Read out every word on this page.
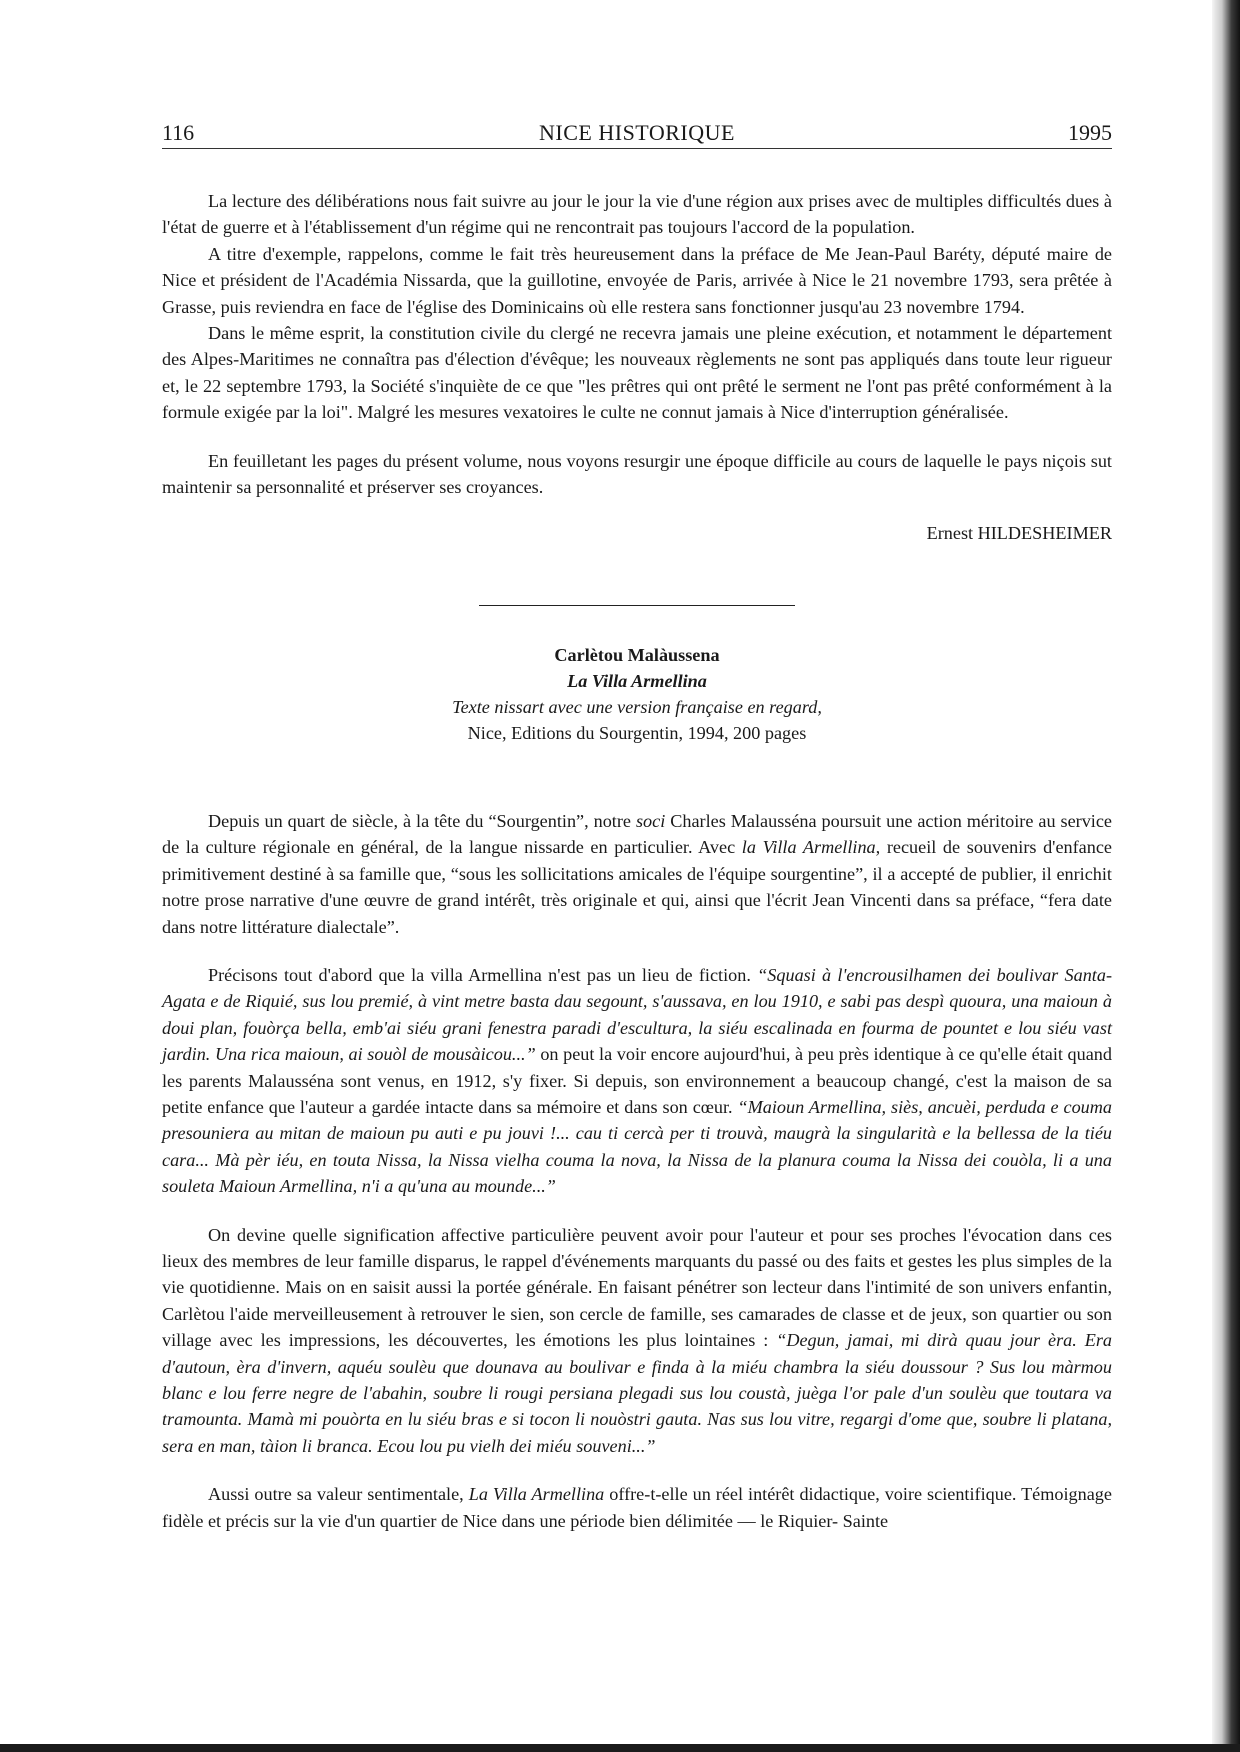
116	NICE HISTORIQUE	1995

La lecture des délibérations nous fait suivre au jour le jour la vie d'une région aux prises avec de multiples difficultés dues à l'état de guerre et à l'établissement d'un régime qui ne rencontrait pas toujours l'accord de la population.

A titre d'exemple, rappelons, comme le fait très heureusement dans la préface de Me Jean-Paul Baréty, député maire de Nice et président de l'Académia Nissarda, que la guillotine, envoyée de Paris, arrivée à Nice le 21 novembre 1793, sera prêtée à Grasse, puis reviendra en face de l'église des Dominicains où elle restera sans fonctionner jusqu'au 23 novembre 1794.

Dans le même esprit, la constitution civile du clergé ne recevra jamais une pleine exécution, et notamment le département des Alpes-Maritimes ne connaîtra pas d'élection d'évêque; les nouveaux règlements ne sont pas appliqués dans toute leur rigueur et, le 22 septembre 1793, la Société s'inquiète de ce que "les prêtres qui ont prêté le serment ne l'ont pas prêté conformément à la formule exigée par la loi". Malgré les mesures vexatoires le culte ne connut jamais à Nice d'interruption généralisée.

En feuilletant les pages du présent volume, nous voyons resurgir une époque difficile au cours de laquelle le pays niçois sut maintenir sa personnalité et préserver ses croyances.

Ernest HILDESHEIMER
Carlètou Malàussena
La Villa Armellina
Texte nissart avec une version française en regard,
Nice, Editions du Sourgentin, 1994, 200 pages

Depuis un quart de siècle, à la tête du “Sourgentin”, notre soci Charles Malausséna poursuit une action méritoire au service de la culture régionale en général, de la langue nissarde en particulier. Avec la Villa Armellina, recueil de souvenirs d'enfance primitivement destiné à sa famille que, “sous les sollicitations amicales de l'équipe sourgentine”, il a accepté de publier, il enrichit notre prose narrative d'une œuvre de grand intérêt, très originale et qui, ainsi que l'écrit Jean Vincenti dans sa préface, “fera date dans notre littérature dialectale”.

Précisons tout d'abord que la villa Armellina n'est pas un lieu de fiction. “Squasi à l'encrousilhamen dei boulivar Santa-Agata e de Riquié, sus lou premié, à vint metre basta dau segount, s'aussava, en lou 1910, e sabi pas despì quoura, una maioun à doui plan, fouòrça bella, emb'ai siéu grani fenestra paradi d'escultura, la siéu escalinada en fourma de pountet e lou siéu vast jardin. Una rica maioun, ai souòl de mousàicou...” on peut la voir encore aujourd'hui, à peu près identique à ce qu'elle était quand les parents Malausséna sont venus, en 1912, s'y fixer. Si depuis, son environnement a beaucoup changé, c'est la maison de sa petite enfance que l'auteur a gardée intacte dans sa mémoire et dans son cœur. “Maioun Armellina, siès, ancuèi, perduda e couma presouniera au mitan de maioun pu auti e pu jouvi !... cau ti cercà per ti trouvà, maugrà la singularità e la bellessa de la tiéu cara... Mà pèr iéu, en touta Nissa, la Nissa vielha couma la nova, la Nissa de la planura couma la Nissa dei couòla, li a una souleta Maioun Armellina, n'i a qu'una au mounde...”

On devine quelle signification affective particulière peuvent avoir pour l'auteur et pour ses proches l'évocation dans ces lieux des membres de leur famille disparus, le rappel d'événements marquants du passé ou des faits et gestes les plus simples de la vie quotidienne. Mais on en saisit aussi la portée générale. En faisant pénétrer son lecteur dans l'intimité de son univers enfantin, Carlètou l'aide merveilleusement à retrouver le sien, son cercle de famille, ses camarades de classe et de jeux, son quartier ou son village avec les impressions, les découvertes, les émotions les plus lointaines : “Degun, jamai, mi dirà quau jour èra. Era d'autoun, èra d'invern, aquéu soulèu que dounava au boulivar e finda à la miéu chambra la siéu doussour ? Sus lou màrmou blanc e lou ferre negre de l'abahin, soubre li rougi persiana plegadi sus lou coustà, juèga l'or pale d'un soulèu que toutara va tramounta. Mamà mi pouòrta en lu siéu bras e si tocon li nouòstri gauta. Nas sus lou vitre, regargi d'ome que, soubre li platana, sera en man, tàion li branca. Ecou lou pu vielh dei miéu souveni...”

Aussi outre sa valeur sentimentale, La Villa Armellina offre-t-elle un réel intérêt didactique, voire scientifique. Témoignage fidèle et précis sur la vie d'un quartier de Nice dans une période bien délimitée — le Riquier- Sainte
